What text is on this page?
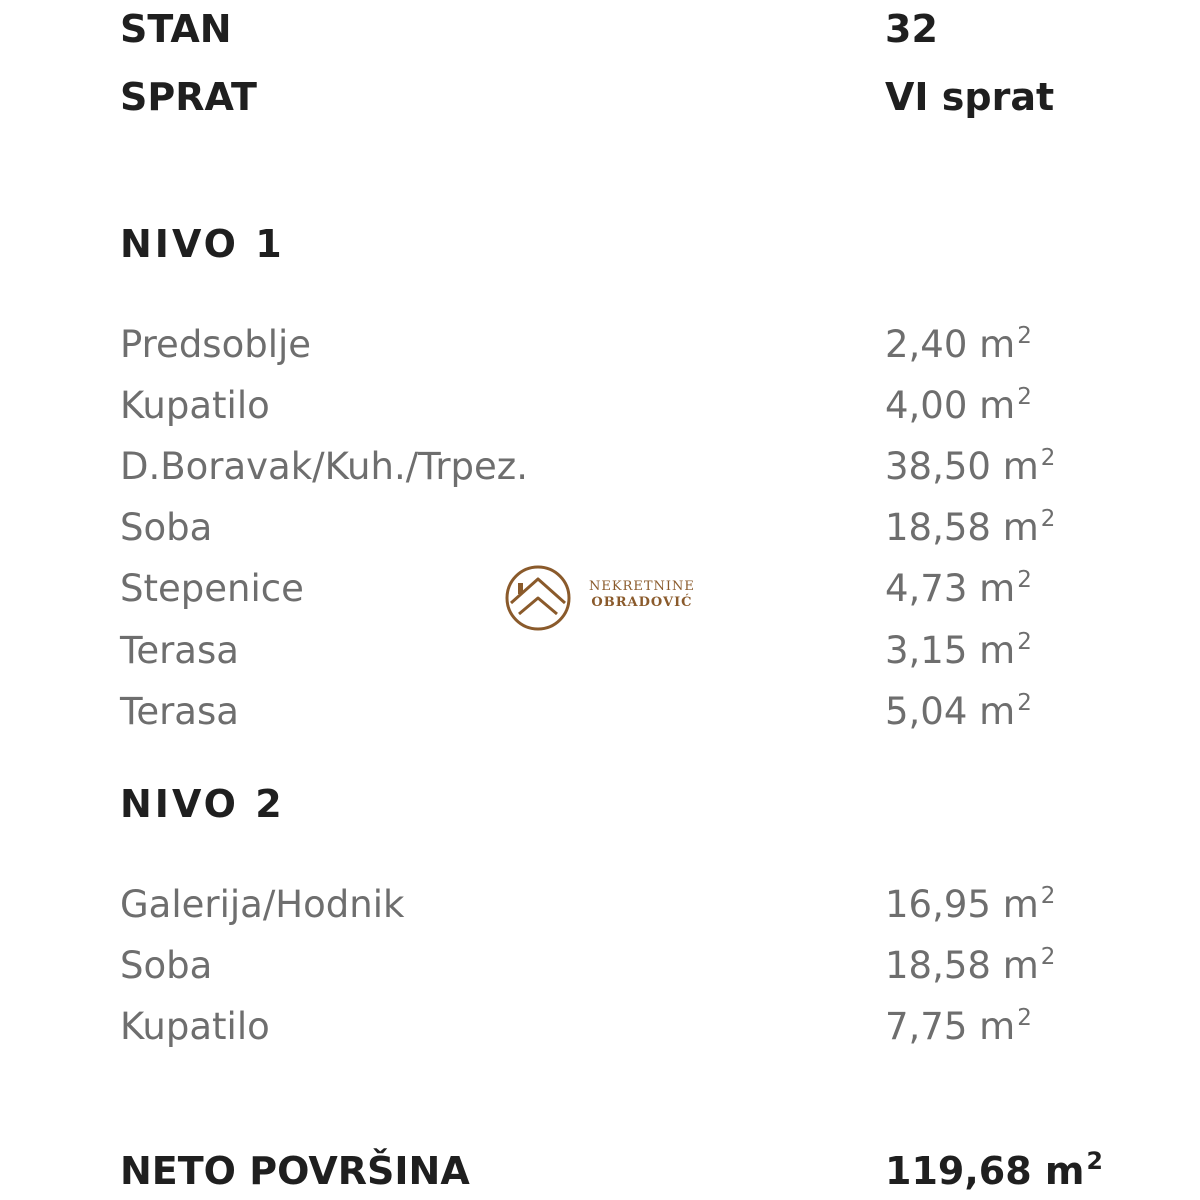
STAN	32
SPRAT	VI sprat
NIVO 1
Predsoblje	2,40 $m^2$
Kupatilo	4,00 $m^2$
D.Boravak/Kuh./Trpez.	38,50 $m^2$
Soba	18,58 $m^2$
Stepenice	4,73 $m^2$
Terasa	3,15 $m^2$
Terasa	5,04 $m^2$
NIVO 2
Galerija/Hodnik	16,95 $m^2$
Soba	18,58 $m^2$
Kupatilo	7,75 $m^2$
NETO POVRŠINA	119,68 $m^2$
NEKRETNINE
OBRADOVIĆ
